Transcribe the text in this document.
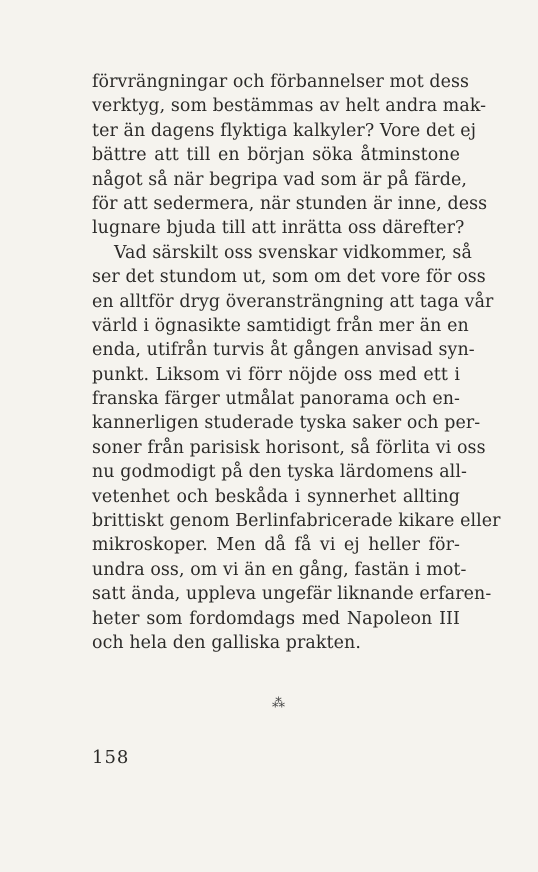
förvrängningar och förbannelser mot dess
verktyg, som bestämmas av helt andra mak-
ter än dagens flyktiga kalkyler? Vore det ej
bättre att till en början söka åtminstone
något så när begripa vad som är på färde,
för att sedermera, när stunden är inne, dess
lugnare bjuda till att inrätta oss därefter?
Vad särskilt oss svenskar vidkommer, så
ser det stundom ut, som om det vore för oss
en alltför dryg överansträngning att taga vår
värld i ögnasikte samtidigt från mer än en
enda, utifrån turvis åt gången anvisad syn-
punkt. Liksom vi förr nöjde oss med ett i
franska färger utmålat panorama och en-
kannerligen studerade tyska saker och per-
soner från parisisk horisont, så förlita vi oss
nu godmodigt på den tyska lärdomens all-
vetenhet och beskåda i synnerhet allting
brittiskt genom Berlinfabricerade kikare eller
mikroskoper. Men då få vi ej heller för-
undra oss, om vi än en gång, fastän i mot-
satt ända, uppleva ungefär liknande erfaren-
heter som fordomdags med Napoleon III
och hela den galliska prakten.
⁂
158
